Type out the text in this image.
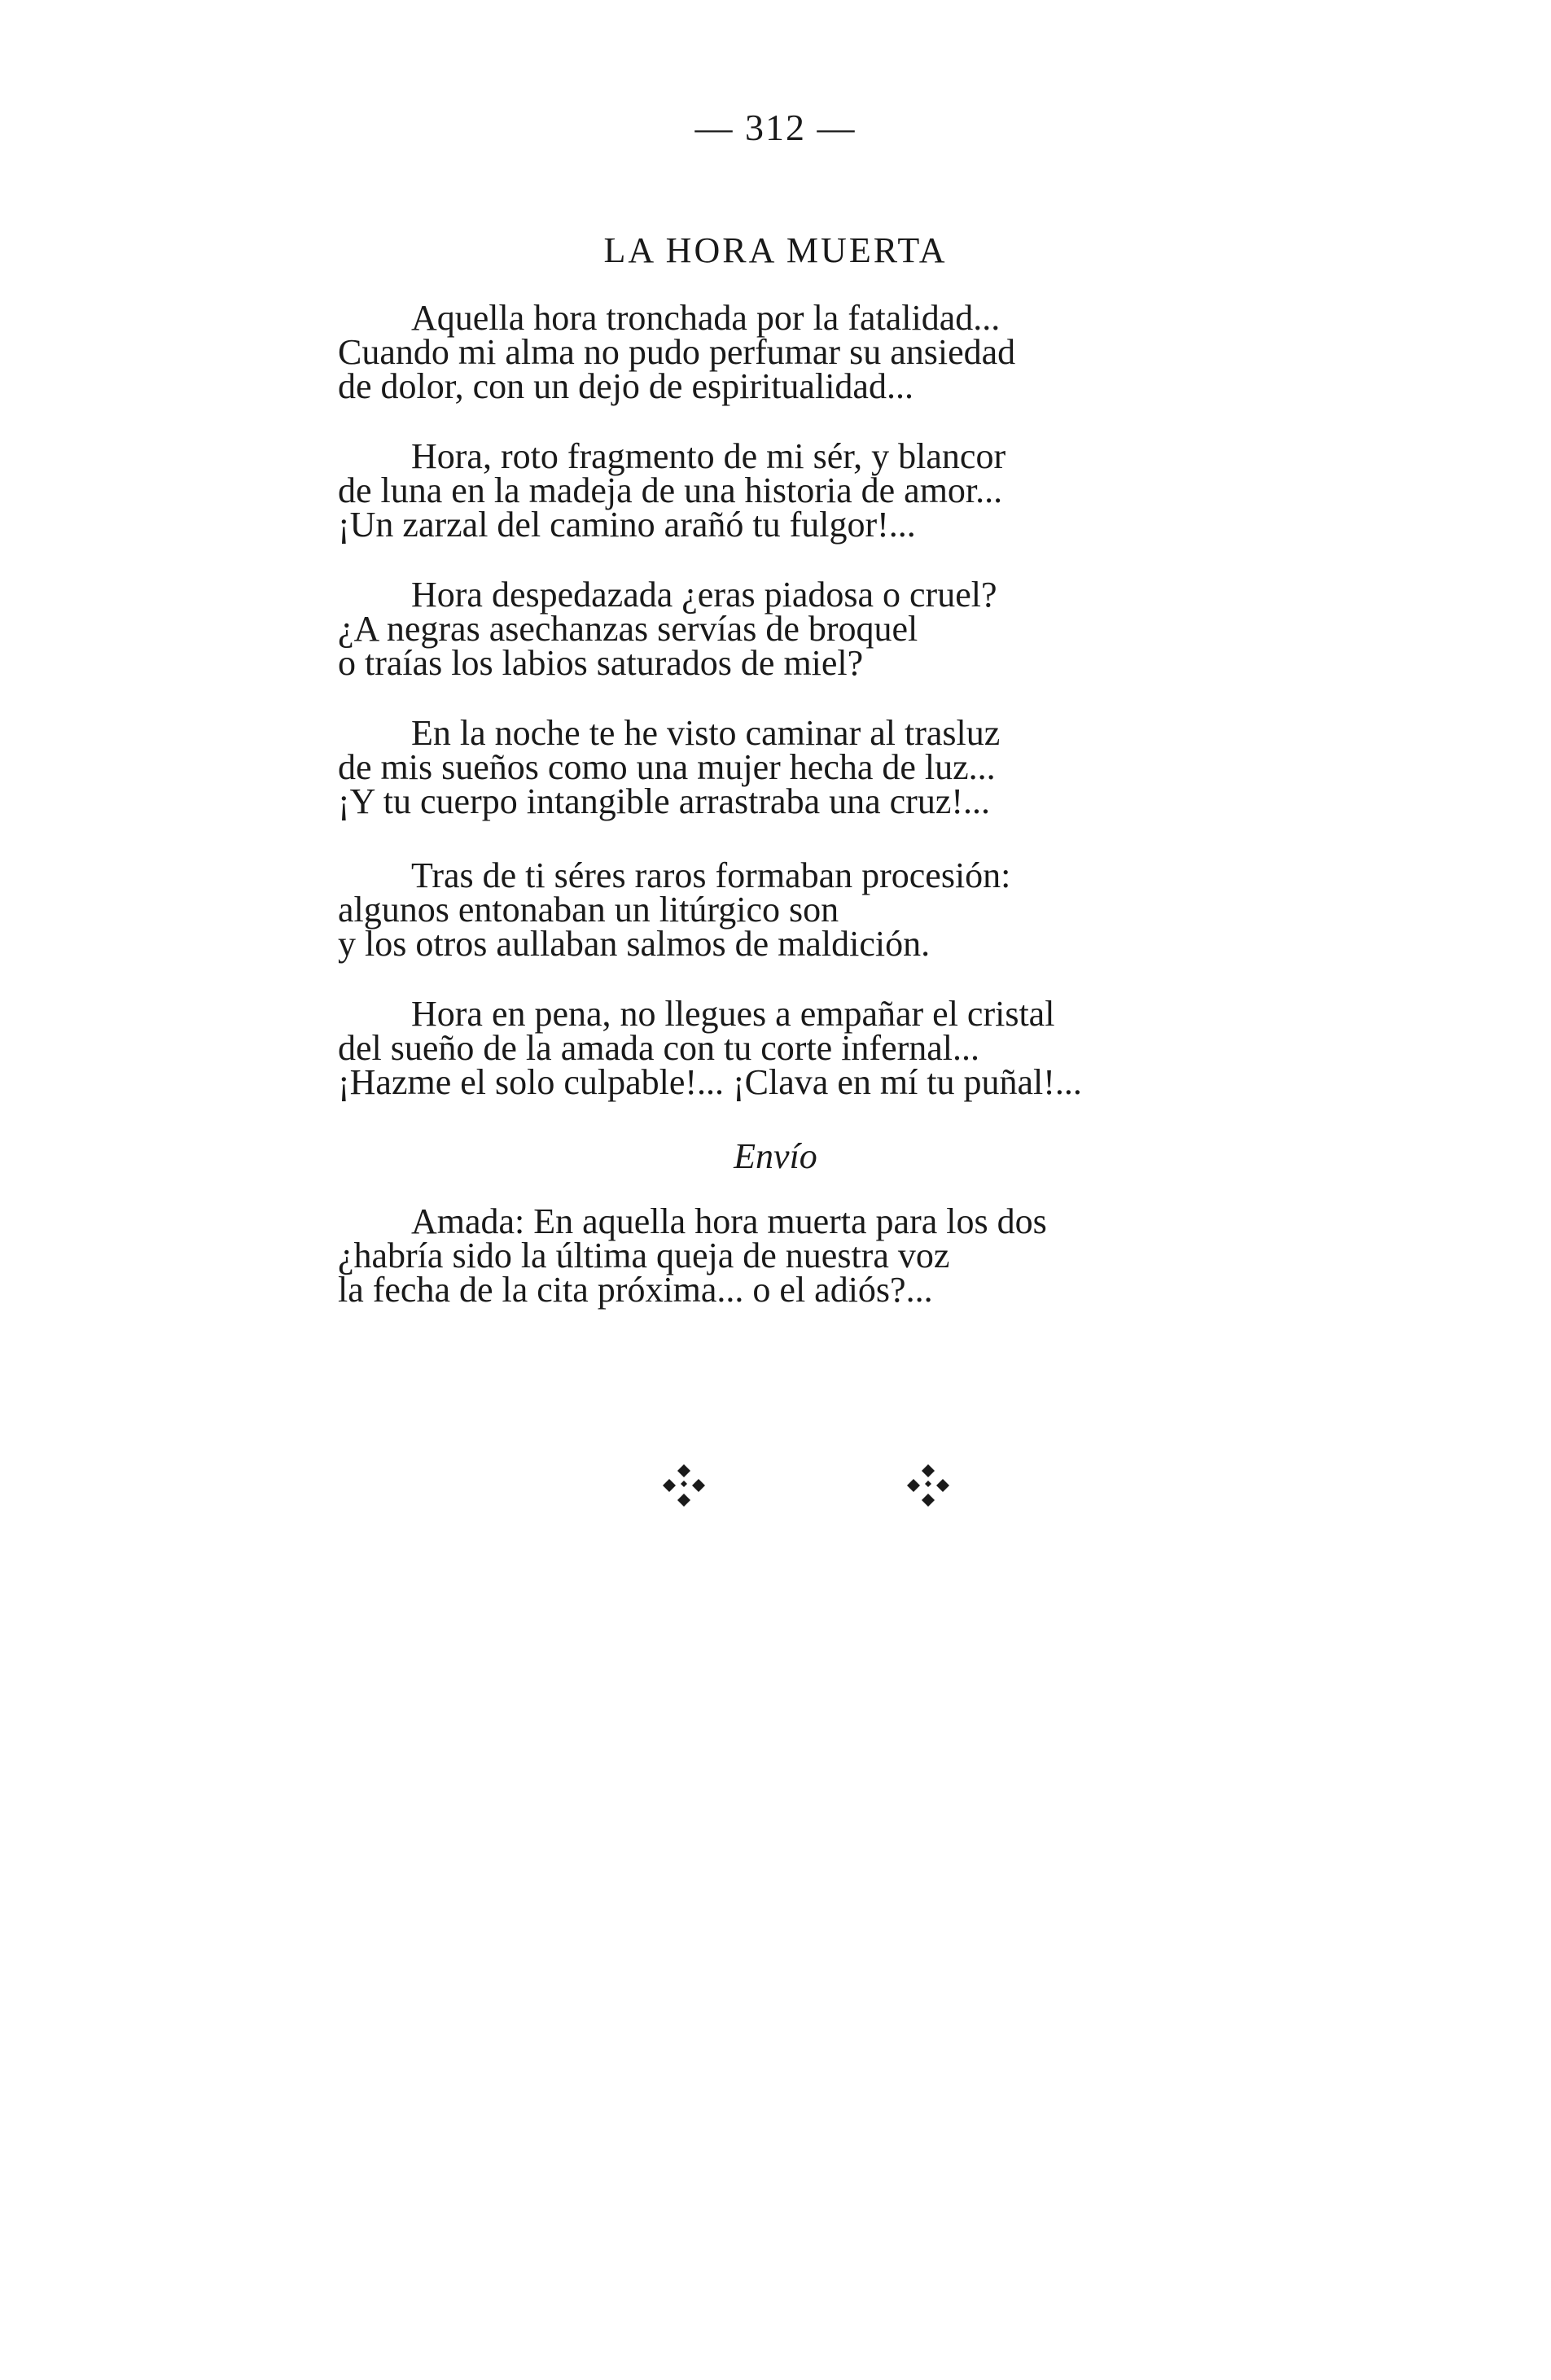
— 312 —
LA HORA MUERTA
Aquella hora tronchada por la fatalidad...
Cuando mi alma no pudo perfumar su ansiedad
de dolor, con un dejo de espiritualidad...
Hora, roto fragmento de mi sér, y blancor
de luna en la madeja de una historia de amor...
¡Un zarzal del camino arañó tu fulgor!...
Hora despedazada ¿eras piadosa o cruel?
¿A negras asechanzas servías de broquel
o traías los labios saturados de miel?
En la noche te he visto caminar al trasluz
de mis sueños como una mujer hecha de luz...
¡Y tu cuerpo intangible arrastraba una cruz!...
Tras de ti séres raros formaban procesión:
algunos entonaban un litúrgico son
y los otros aullaban salmos de maldición.
Hora en pena, no llegues a empañar el cristal
del sueño de la amada con tu corte infernal...
¡Hazme el solo culpable!... ¡Clava en mí tu puñal!...
Envío
Amada: En aquella hora muerta para los dos
¿habría sido la última queja de nuestra voz
la fecha de la cita próxima... o el adiós?...
